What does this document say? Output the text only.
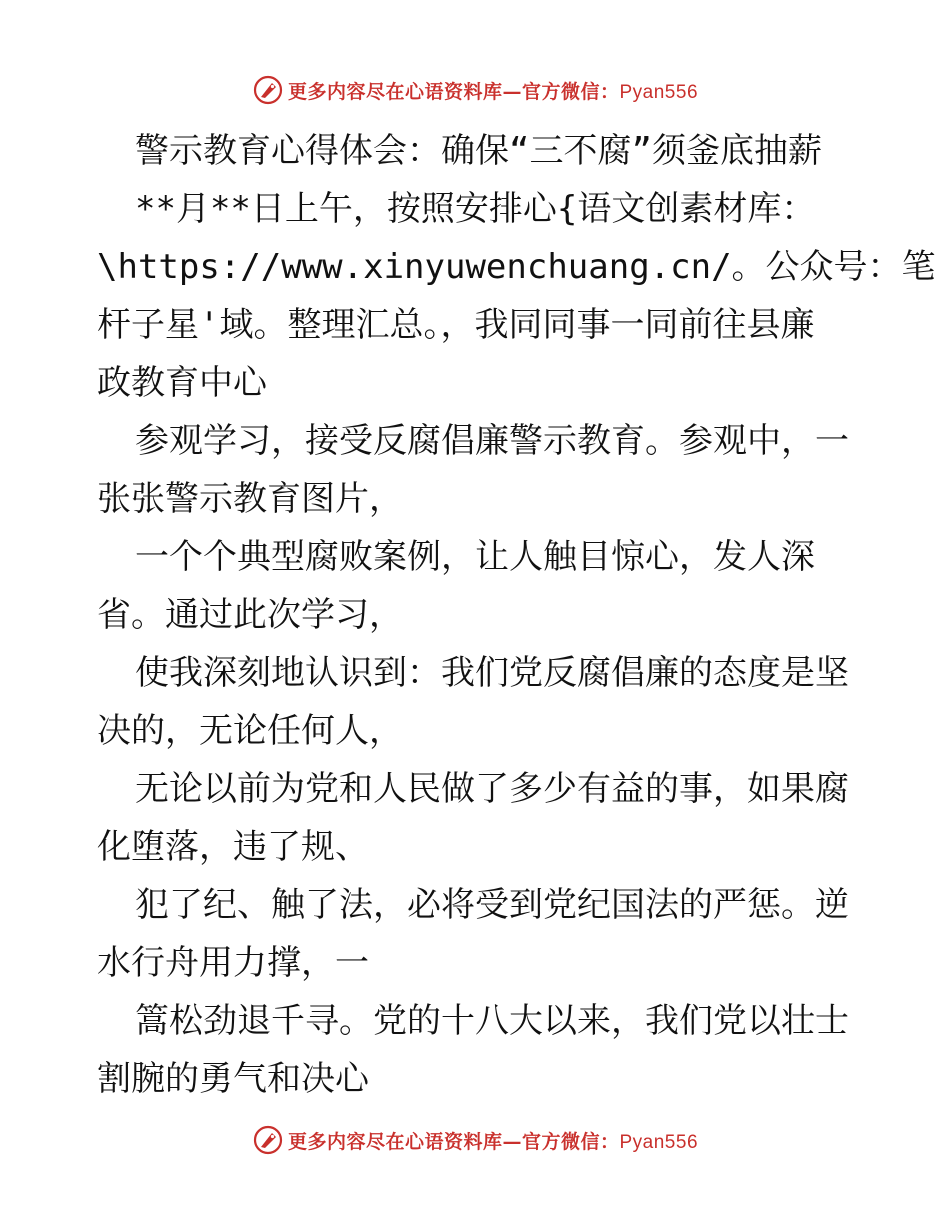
更多内容尽在心语资料库—官方微信：Pyan556
警示教育心得体会：确保“三不腐”须釜底抽薪
**月**日上午，按照安排心{语文创素材库：
\https://www.xinyuwenchuang.cn/。公众号：笔
杆子星'域。整理汇总。，我同同事一同前往县廉
政教育中心
参观学习，接受反腐倡廉警示教育。参观中，一
张张警示教育图片，
一个个典型腐败案例，让人触目惊心，发人深
省。通过此次学习，
使我深刻地认识到：我们党反腐倡廉的态度是坚
决的，无论任何人，
无论以前为党和人民做了多少有益的事，如果腐
化堕落，违了规、
犯了纪、触了法，必将受到党纪国法的严惩。逆
水行舟用力撑，一
篙松劲退千寻。党的十八大以来，我们党以壮士
割腕的勇气和决心
更多内容尽在心语资料库—官方微信：Pyan556
